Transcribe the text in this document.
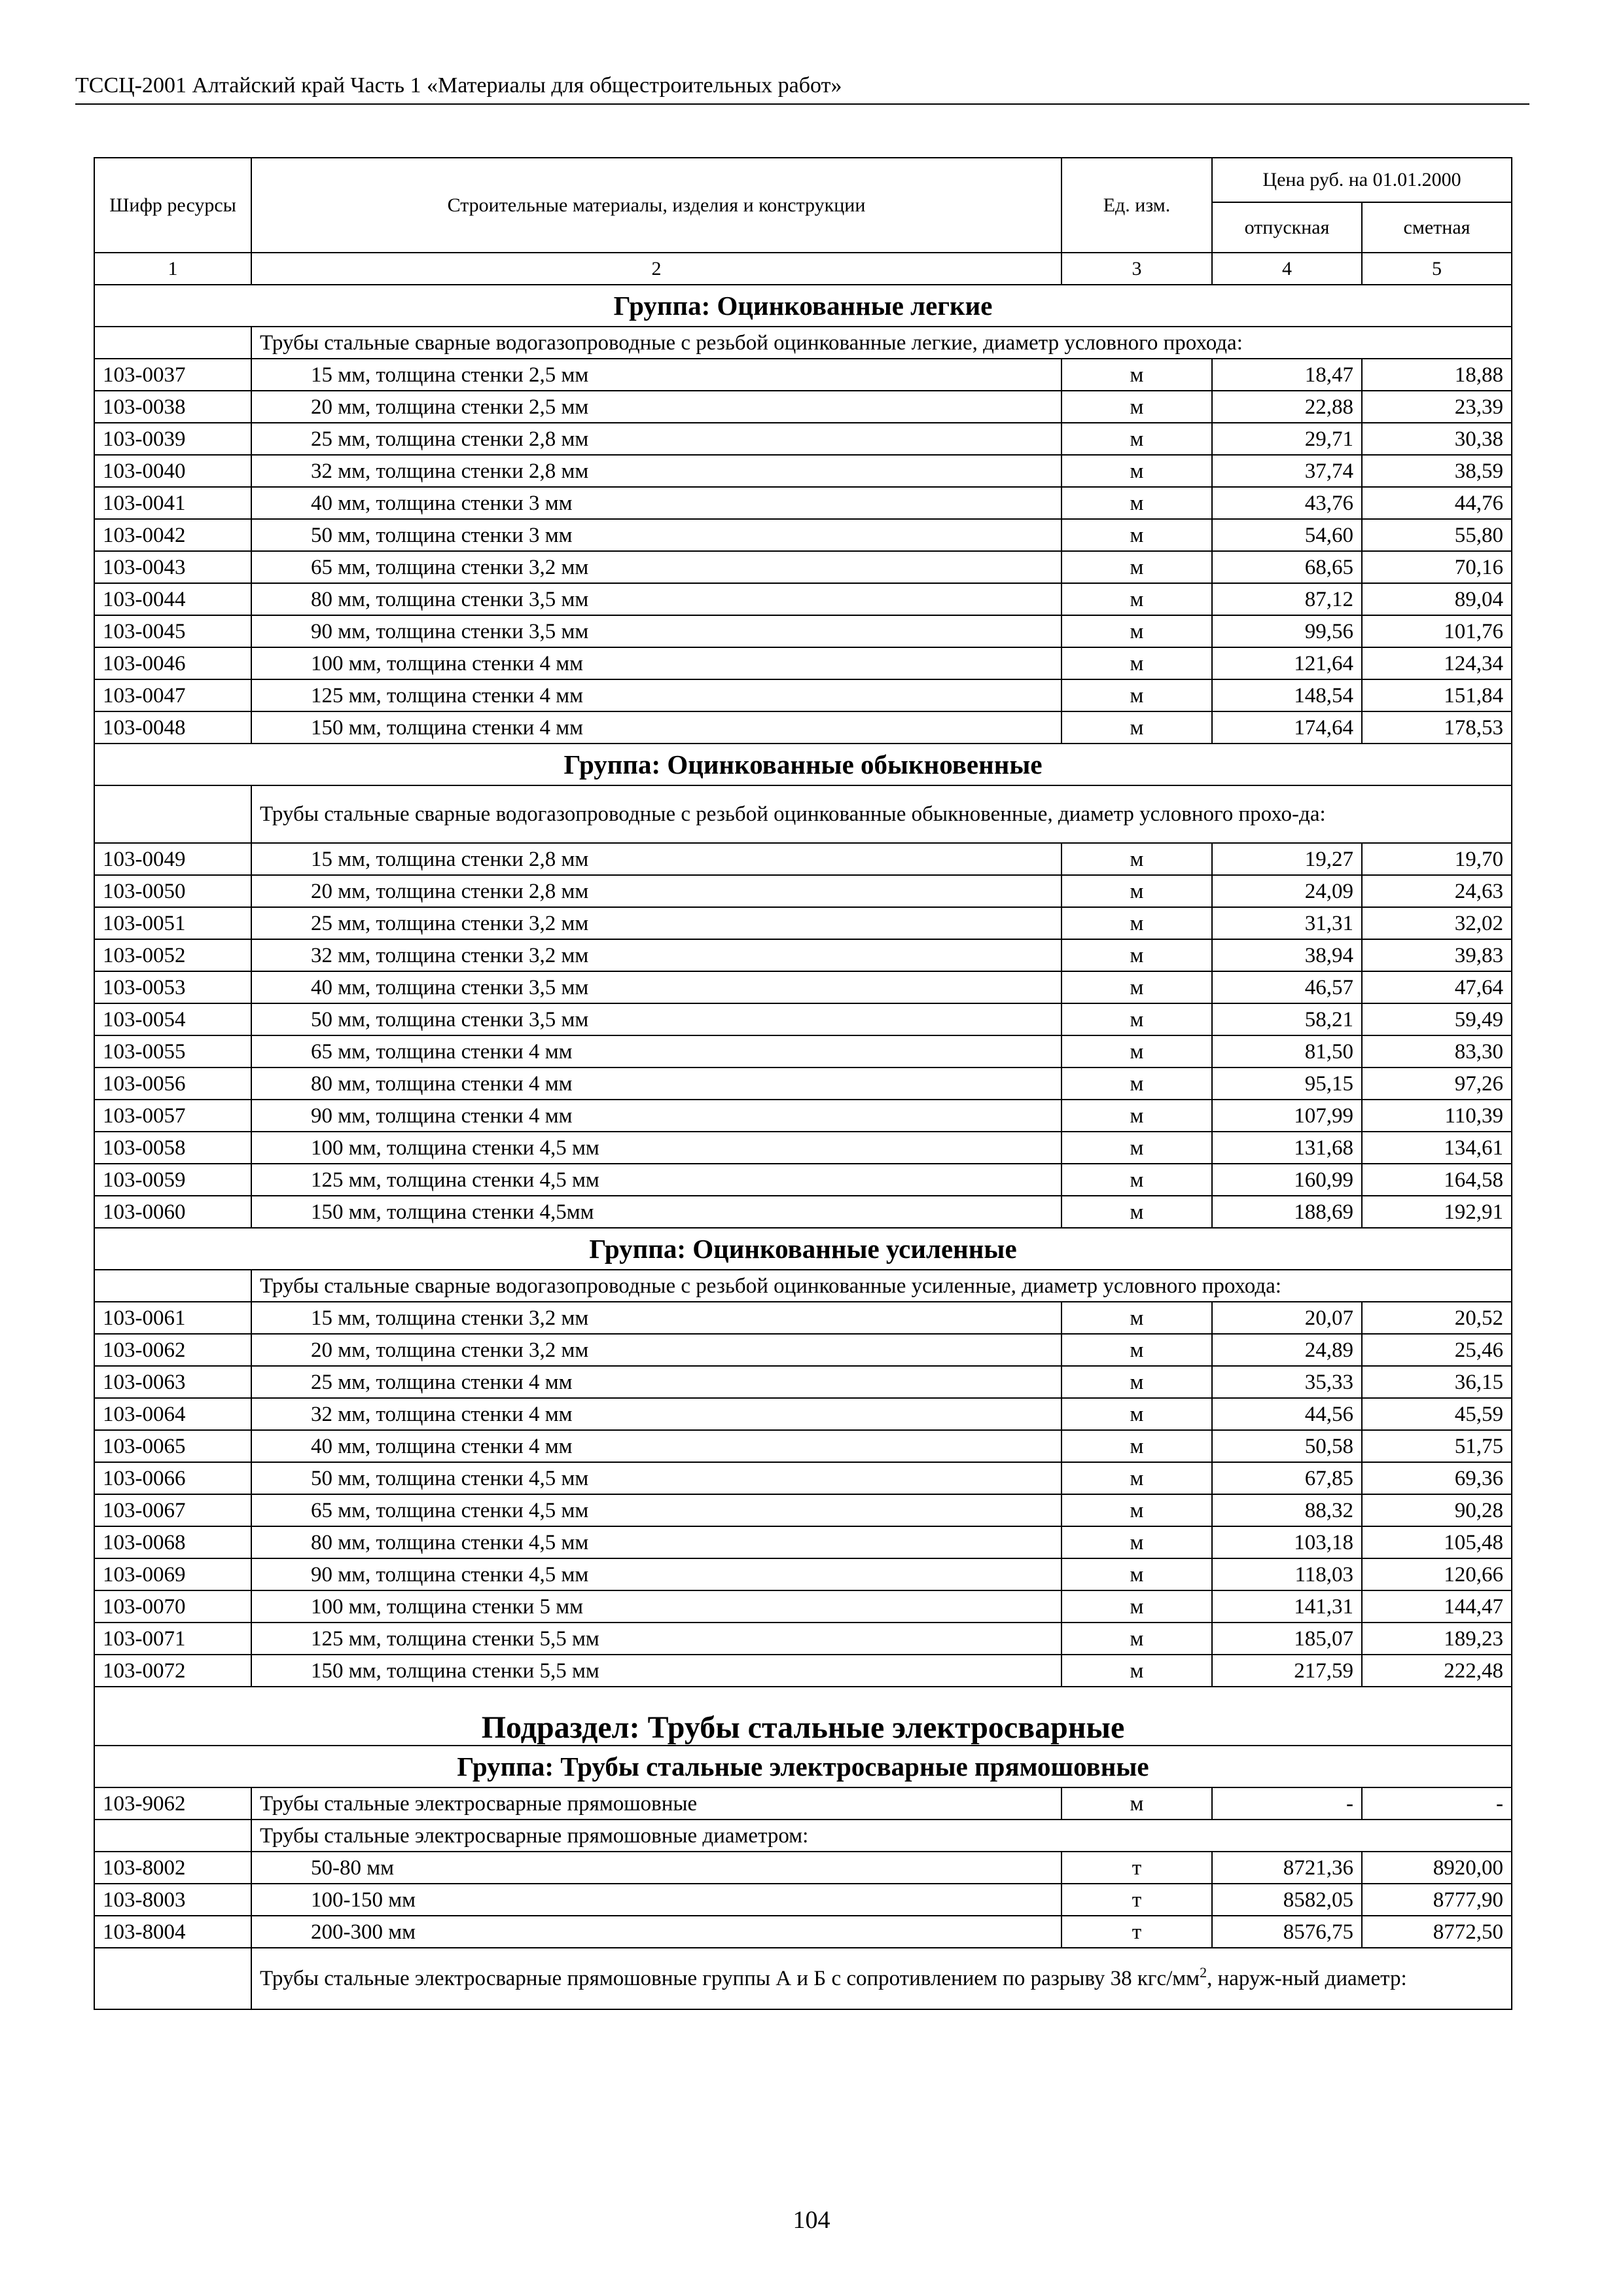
ТССЦ-2001 Алтайский край Часть 1 «Материалы для общестроительных работ»
Шифр ресурсы	Строительные материалы, изделия и конструкции	Ед. изм.	Цена руб. на 01.01.2000	
			отпускная	сметная
1	2	3	4	5
Группа: Оцинкованные легкие				
	Трубы стальные сварные водогазопроводные с резьбой оцинкованные легкие, диаметр условного прохода:			
103-0037	15 мм, толщина стенки 2,5 мм	м	18,47	18,88
103-0038	20 мм, толщина стенки 2,5 мм	м	22,88	23,39
103-0039	25 мм, толщина стенки 2,8 мм	м	29,71	30,38
103-0040	32 мм, толщина стенки 2,8 мм	м	37,74	38,59
103-0041	40 мм, толщина стенки 3 мм	м	43,76	44,76
103-0042	50 мм, толщина стенки 3 мм	м	54,60	55,80
103-0043	65 мм, толщина стенки 3,2 мм	м	68,65	70,16
103-0044	80 мм, толщина стенки 3,5 мм	м	87,12	89,04
103-0045	90 мм, толщина стенки 3,5 мм	м	99,56	101,76
103-0046	100 мм, толщина стенки 4 мм	м	121,64	124,34
103-0047	125 мм, толщина стенки 4 мм	м	148,54	151,84
103-0048	150 мм, толщина стенки 4 мм	м	174,64	178,53
Группа: Оцинкованные обыкновенные				
	Трубы стальные сварные водогазопроводные с резьбой оцинкованные обыкновенные, диаметр условного прохо-да:			
103-0049	15 мм, толщина стенки 2,8 мм	м	19,27	19,70
103-0050	20 мм, толщина стенки 2,8 мм	м	24,09	24,63
103-0051	25 мм, толщина стенки 3,2 мм	м	31,31	32,02
103-0052	32 мм, толщина стенки 3,2 мм	м	38,94	39,83
103-0053	40 мм, толщина стенки 3,5 мм	м	46,57	47,64
103-0054	50 мм, толщина стенки 3,5 мм	м	58,21	59,49
103-0055	65 мм, толщина стенки 4 мм	м	81,50	83,30
103-0056	80 мм, толщина стенки 4 мм	м	95,15	97,26
103-0057	90 мм, толщина стенки 4 мм	м	107,99	110,39
103-0058	100 мм, толщина стенки 4,5 мм	м	131,68	134,61
103-0059	125 мм, толщина стенки 4,5 мм	м	160,99	164,58
103-0060	150 мм, толщина стенки 4,5мм	м	188,69	192,91
Группа: Оцинкованные усиленные				
	Трубы стальные сварные водогазопроводные с резьбой оцинкованные усиленные, диаметр условного прохода:			
103-0061	15 мм, толщина стенки 3,2 мм	м	20,07	20,52
103-0062	20 мм, толщина стенки 3,2 мм	м	24,89	25,46
103-0063	25 мм, толщина стенки 4 мм	м	35,33	36,15
103-0064	32 мм, толщина стенки 4 мм	м	44,56	45,59
103-0065	40 мм, толщина стенки 4 мм	м	50,58	51,75
103-0066	50 мм, толщина стенки 4,5 мм	м	67,85	69,36
103-0067	65 мм, толщина стенки 4,5 мм	м	88,32	90,28
103-0068	80 мм, толщина стенки 4,5 мм	м	103,18	105,48
103-0069	90 мм, толщина стенки 4,5 мм	м	118,03	120,66
103-0070	100 мм, толщина стенки 5 мм	м	141,31	144,47
103-0071	125 мм, толщина стенки 5,5 мм	м	185,07	189,23
103-0072	150 мм, толщина стенки 5,5 мм	м	217,59	222,48
Подраздел: Трубы стальные электросварные				
Группа: Трубы стальные электросварные прямошовные				
103-9062	Трубы стальные электросварные прямошовные	м	-	-
	Трубы стальные электросварные прямошовные диаметром:			
103-8002	50-80 мм	т	8721,36	8920,00
103-8003	100-150 мм	т	8582,05	8777,90
103-8004	200-300 мм	т	8576,75	8772,50
	Трубы стальные электросварные прямошовные группы А и Б с сопротивлением по разрыву 38 кгс/$мм^2$, наруж-ный диаметр:			
104
